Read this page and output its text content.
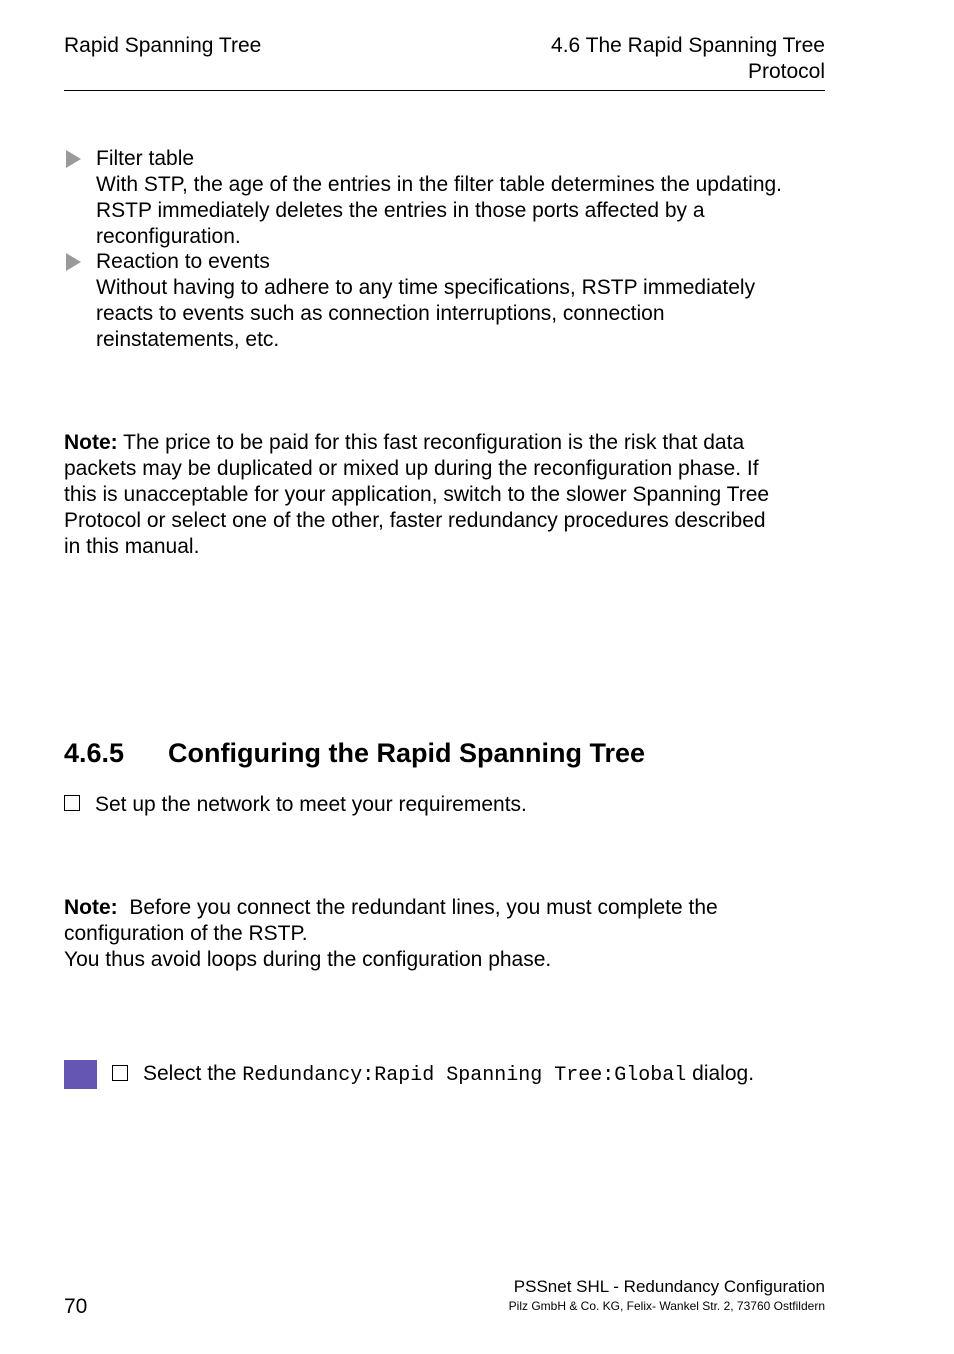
Rapid Spanning Tree	4.6 The Rapid Spanning Tree
Protocol
Filter table
With STP, the age of the entries in the filter table determines the updating.
RSTP immediately deletes the entries in those ports affected by a
reconfiguration.
Reaction to events
Without having to adhere to any time specifications, RSTP immediately
reacts to events such as connection interruptions, connection
reinstatements, etc.
Note: The price to be paid for this fast reconfiguration is the risk that data
packets may be duplicated or mixed up during the reconfiguration phase. If
this is unacceptable for your application, switch to the slower Spanning Tree
Protocol or select one of the other, faster redundancy procedures described
in this manual.
4.6.5 Configuring the Rapid Spanning Tree
Set up the network to meet your requirements.
Note:  Before you connect the redundant lines, you must complete the
configuration of the RSTP.
You thus avoid loops during the configuration phase.
Select the Redundancy:Rapid Spanning Tree:Global dialog.
70
PSSnet SHL - Redundancy Configuration
Pilz GmbH & Co. KG, Felix- Wankel Str. 2, 73760 Ostfildern
